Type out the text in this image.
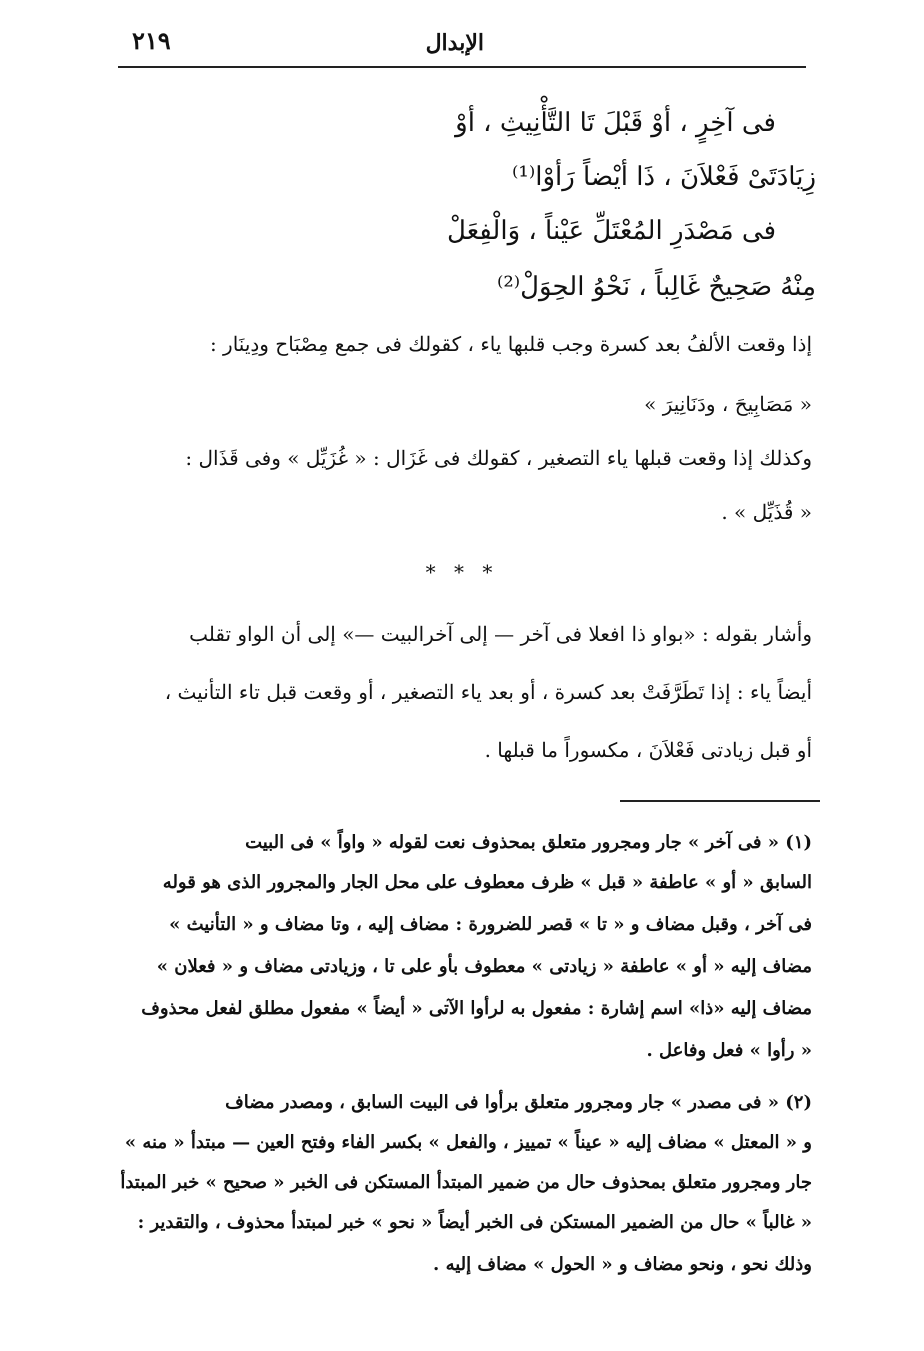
الإبدال
٢١٩
فى آخِرٍ ، أوْ قَبْلَ تَا التَّأْنِيثِ ، أوْ
زِيَادَتَىْ فَعْلاَنَ ، ذَا أيْضاً رَأوْا⁽¹⁾
فى مَصْدَرِ المُعْتَلِّ عَيْناً ، وَالْفِعَلْ
مِنْهُ صَحِيحٌ غَالِباً ، نَحْوُ الحِوَلْ⁽²⁾
إذا وقعت الألفُ بعد كسرة وجب قلبها ياء ، كقولك فى جمع مِصْبَاح ودِينَار :
« مَصَابِيحَ ، ودَنَانِيرَ »
وكذلك إذا وقعت قبلها ياء التصغير ، كقولك فى غَزَال : « غُزَيِّل » وفى قَذَال :
« قُذَيِّل » .
* * *
وأشار بقوله : «بواو ذا افعلا فى آخر — إلى آخرالبيت —» إلى أن الواو تقلب
أيضاً ياء : إذا تَطَرَّفَتْ بعد كسرة ، أو بعد ياء التصغير ، أو وقعت قبل تاء التأنيث ،
أو قبل زيادتى فَعْلاَنَ ، مكسوراً ما قبلها .
(١) « فى آخر » جار ومجرور متعلق بمحذوف نعت لقوله « واواً » فى البيت
السابق « أو » عاطفة « قبل » ظرف معطوف على محل الجار والمجرور الذى هو قوله
فى آخر ، وقبل مضاف و « تا » قصر للضرورة : مضاف إليه ، وتا مضاف و « التأنيث »
مضاف إليه « أو » عاطفة « زيادتى » معطوف بأو على تا ، وزيادتى مضاف و « فعلان »
مضاف إليه «ذا» اسم إشارة : مفعول به لرأوا الآتى « أيضاً » مفعول مطلق لفعل محذوف
« رأوا » فعل وفاعل .
(٢) « فى مصدر » جار ومجرور متعلق برأوا فى البيت السابق ، ومصدر مضاف
و « المعتل » مضاف إليه « عيناً » تمييز ، والفعل » بكسر الفاء وفتح العين — مبتدأ « منه »
جار ومجرور متعلق بمحذوف حال من ضمير المبتدأ المستكن فى الخبر « صحيح » خبر المبتدأ
« غالباً » حال من الضمير المستكن فى الخبر أيضاً « نحو » خبر لمبتدأ محذوف ، والتقدير :
وذلك نحو ، ونحو مضاف و « الحول » مضاف إليه .
